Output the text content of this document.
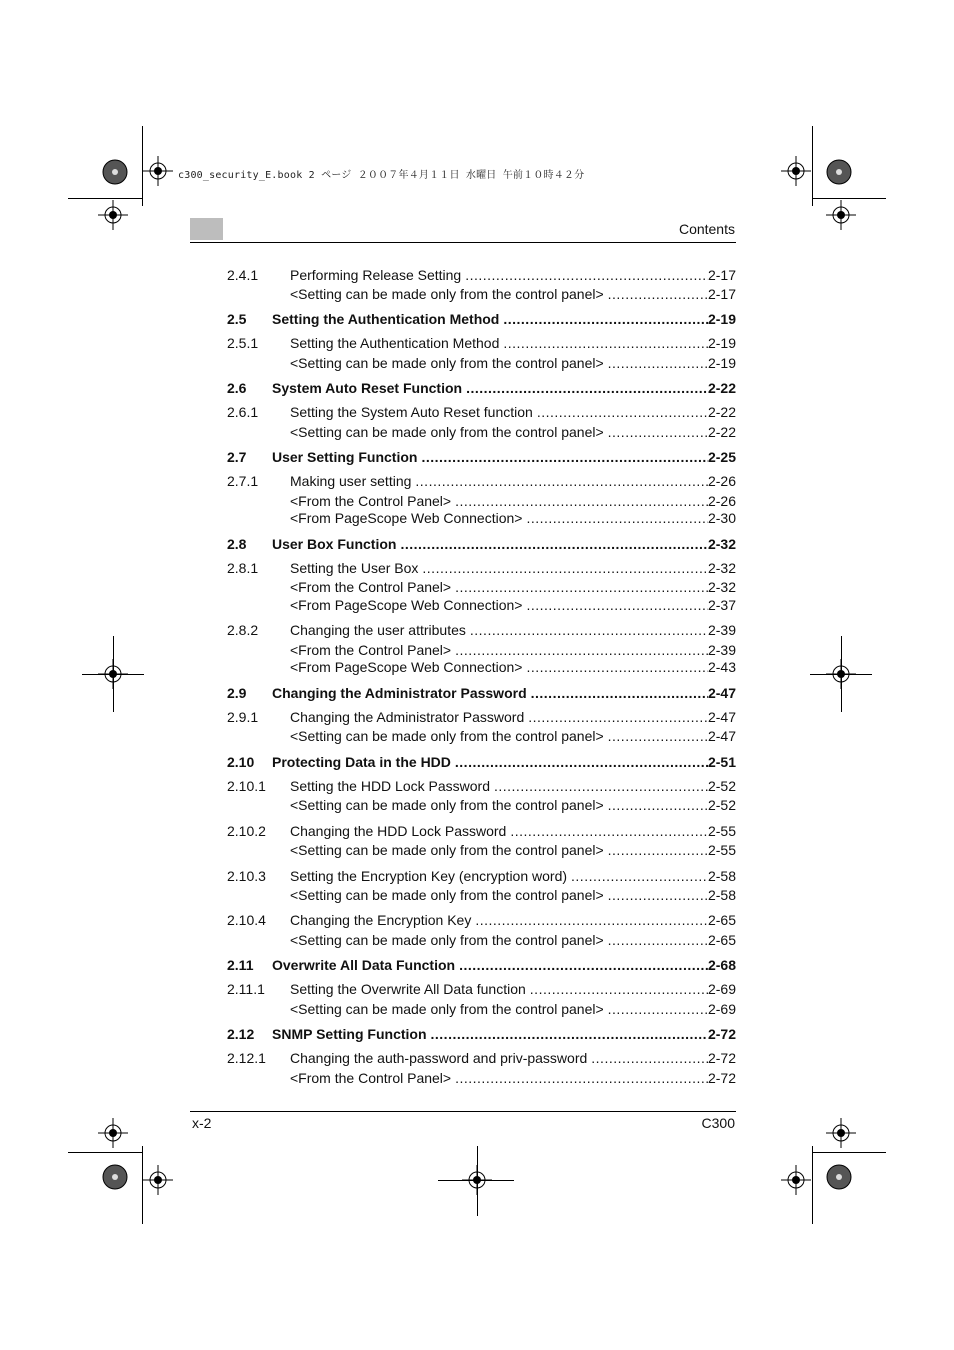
c300_security_E.book 2 ページ ２００７年４月１１日 水曜日 午前１０時４２分
Contents
2.4.1 Performing Release Setting .....	2-17
<Setting can be made only from the control panel> .....	2-17
2.5 Setting the Authentication Method .....	2-19
2.5.1 Setting the Authentication Method .....	2-19
<Setting can be made only from the control panel> .....	2-19
2.6 System Auto Reset Function .....	2-22
2.6.1 Setting the System Auto Reset function .....	2-22
<Setting can be made only from the control panel> .....	2-22
2.7 User Setting Function .....	2-25
2.7.1 Making user setting .....	2-26
<From the Control Panel> .....	2-26
<From PageScope Web Connection> .....	2-30
2.8 User Box Function .....	2-32
2.8.1 Setting the User Box .....	2-32
<From the Control Panel> .....	2-32
<From PageScope Web Connection> .....	2-37
2.8.2 Changing the user attributes .....	2-39
<From the Control Panel> .....	2-39
<From PageScope Web Connection> .....	2-43
2.9 Changing the Administrator Password .....	2-47
2.9.1 Changing the Administrator Password .....	2-47
<Setting can be made only from the control panel> .....	2-47
2.10 Protecting Data in the HDD .....	2-51
2.10.1 Setting the HDD Lock Password .....	2-52
<Setting can be made only from the control panel> .....	2-52
2.10.2 Changing the HDD Lock Password .....	2-55
<Setting can be made only from the control panel> .....	2-55
2.10.3 Setting the Encryption Key (encryption word) .....	2-58
<Setting can be made only from the control panel> .....	2-58
2.10.4 Changing the Encryption Key .....	2-65
<Setting can be made only from the control panel> .....	2-65
2.11 Overwrite All Data Function .....	2-68
2.11.1 Setting the Overwrite All Data function .....	2-69
<Setting can be made only from the control panel> .....	2-69
2.12 SNMP Setting Function .....	2-72
2.12.1 Changing the auth-password and priv-password .....	2-72
<From the Control Panel> .....	2-72
x-2	C300
